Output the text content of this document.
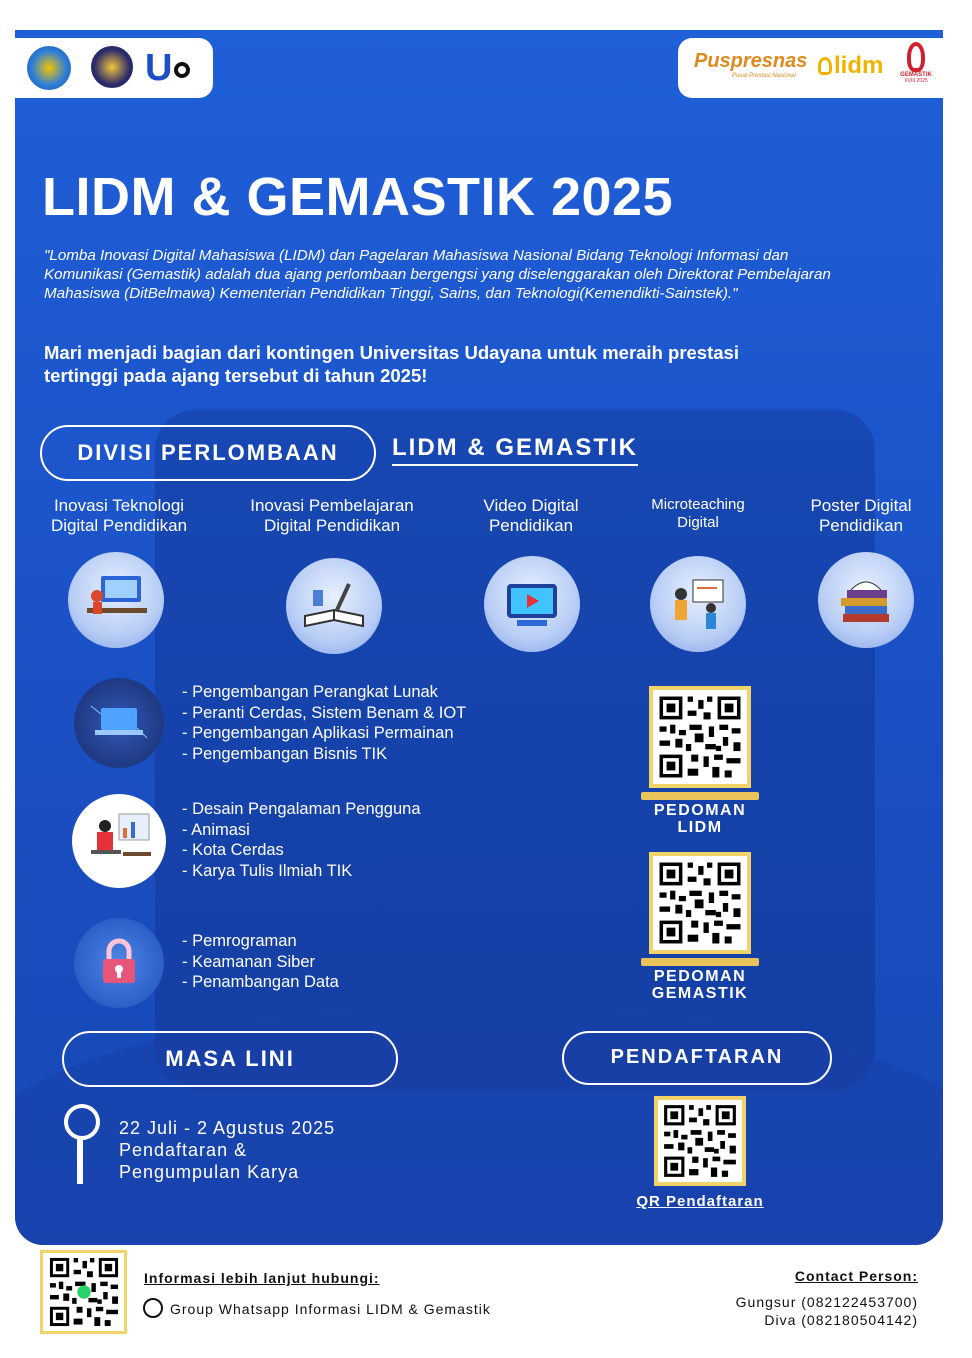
U	Puspresnas
Pusat Prestasi Nasional	lidm	GEMASTIK
XVIII 2025
LIDM & GEMASTIK 2025
"Lomba Inovasi Digital Mahasiswa (LIDM) dan Pagelaran Mahasiswa Nasional Bidang Teknologi Informasi dan Komunikasi (Gemastik) adalah dua ajang perlombaan bergengsi yang diselenggarakan oleh Direktorat Pembelajaran Mahasiswa (DitBelmawa) Kementerian Pendidikan Tinggi, Sains, dan Teknologi(Kemendikti-Sainstek)."
Mari menjadi bagian dari kontingen Universitas Udayana untuk meraih prestasi tertinggi pada ajang tersebut di tahun 2025!
DIVISI PERLOMBAAN	LIDM & GEMASTIK
Inovasi Teknologi Digital Pendidikan
Inovasi Pembelajaran Digital Pendidikan
Video Digital Pendidikan
Microteaching Digital
Poster Digital Pendidikan
- Pengembangan Perangkat Lunak
- Peranti Cerdas, Sistem Benam & IOT
- Pengembangan Aplikasi Permainan
- Pengembangan Bisnis TIK
- Desain Pengalaman Pengguna
- Animasi
- Kota Cerdas
- Karya Tulis Ilmiah TIK
- Pemrograman
- Keamanan Siber
- Penambangan Data
PEDOMAN
LIDM
PEDOMAN
GEMASTIK
MASA LINI
22 Juli - 2 Agustus 2025
Pendaftaran &
Pengumpulan Karya
PENDAFTARAN
QR Pendaftaran
Informasi lebih lanjut hubungi:
Group Whatsapp Informasi LIDM & Gemastik
Contact Person:
Gungsur (082122453700)
Diva (082180504142)
